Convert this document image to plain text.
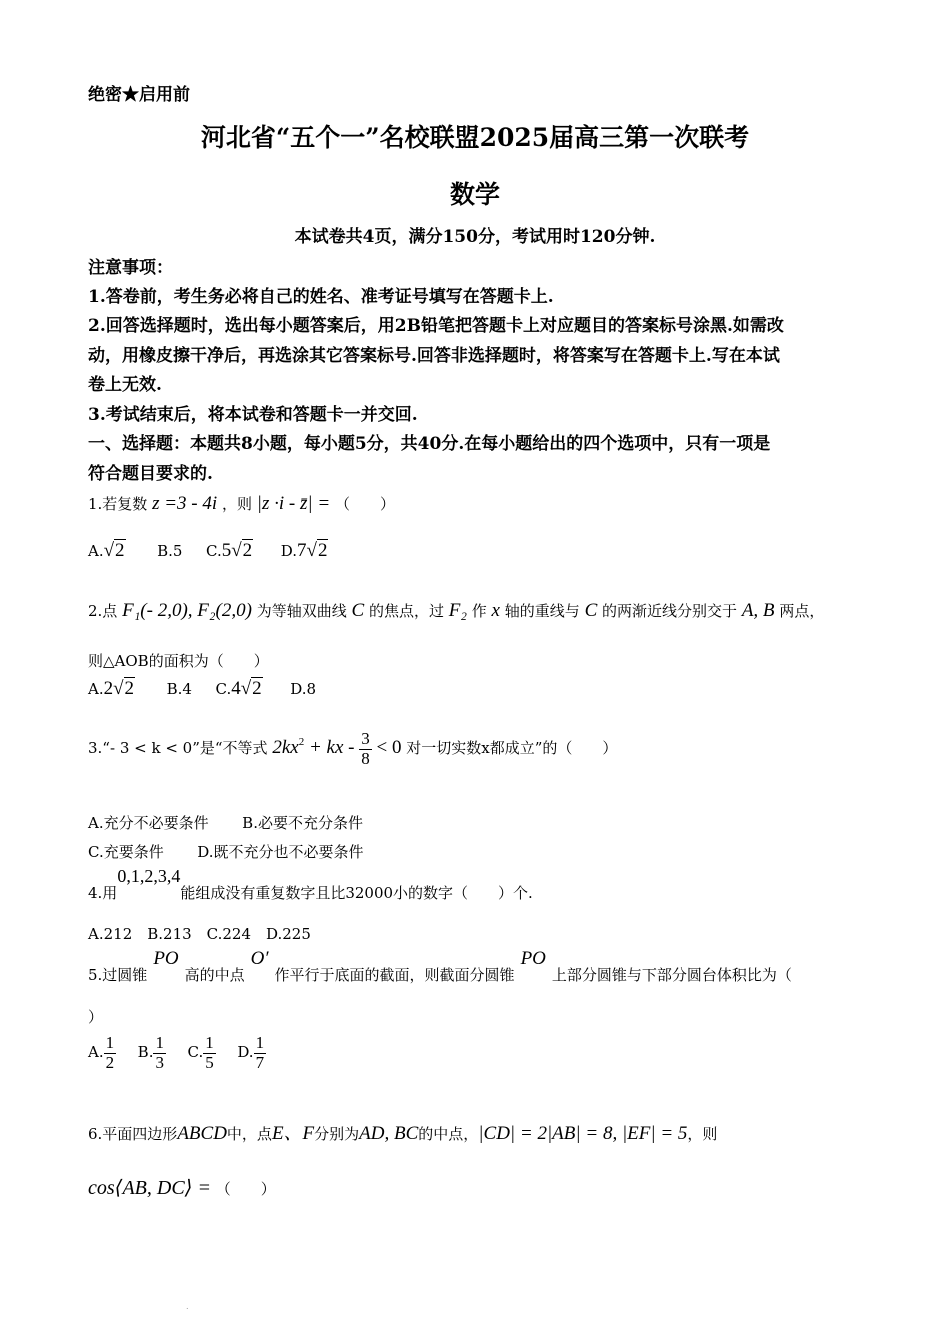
绝密★启用前
河北省“五个一”名校联盟2025届高三第一次联考
数学
本试卷共4页，满分150分，考试用时120分钟.
注意事项：
1.答卷前，考生务必将自己的姓名、准考证号填写在答题卡上.
2.回答选择题时，选出每小题答案后，用2B铅笔把答题卡上对应题目的答案标号涂黑.如需改
动，用橡皮擦干净后，再选涂其它答案标号.回答非选择题时，将答案写在答题卡上.写在本试
卷上无效.
3.考试结束后，将本试卷和答题卡一并交回.
一、选择题：本题共8小题，每小题5分，共40分.在每小题给出的四个选项中，只有一项是
符合题目要求的.
1.若复数 z =3 - 4i ，则 |z ·i - z̄| = （　　）
A.√2 B.5 C.5√2 D.7√2
2.点 F₁(- 2,0), F₂(2,0) 为等轴双曲线 C 的焦点，过 F₂ 作 x 轴的重线与 C 的两渐近线分别交于 A, B 两点，
则△AOB的面积为（　　）
A.2√2 B.4 C.4√2 D.8
3.“- 3 < k < 0”是“不等式 $2kx^2$ + kx - $\frac{3}{8} < 0$ 对一切实数x都成立”的（　　）
A.充分不必要条件 B.必要不充分条件
C.充要条件 D.既不充分也不必要条件
4.用0,1,2,3,4能组成没有重复数字且比32000小的数字（　　）个.
A.212　B.213　C.224　D.225
5.过圆锥PO高的中点O′作平行于底面的截面，则截面分圆锥PO上部分圆锥与下部分圆台体积比为（
）
A. $\frac{1}{2} B$. $\frac{1}{3} C$. $\frac{1}{5} D$. $\frac{1}{7}$
6.平面四边形ABCD中，点E、F分别为AD, BC的中点，|CD| = 2|AB| = 8, |EF| = 5，则
cos⟨AB, DC⟩ = （　　）
.
